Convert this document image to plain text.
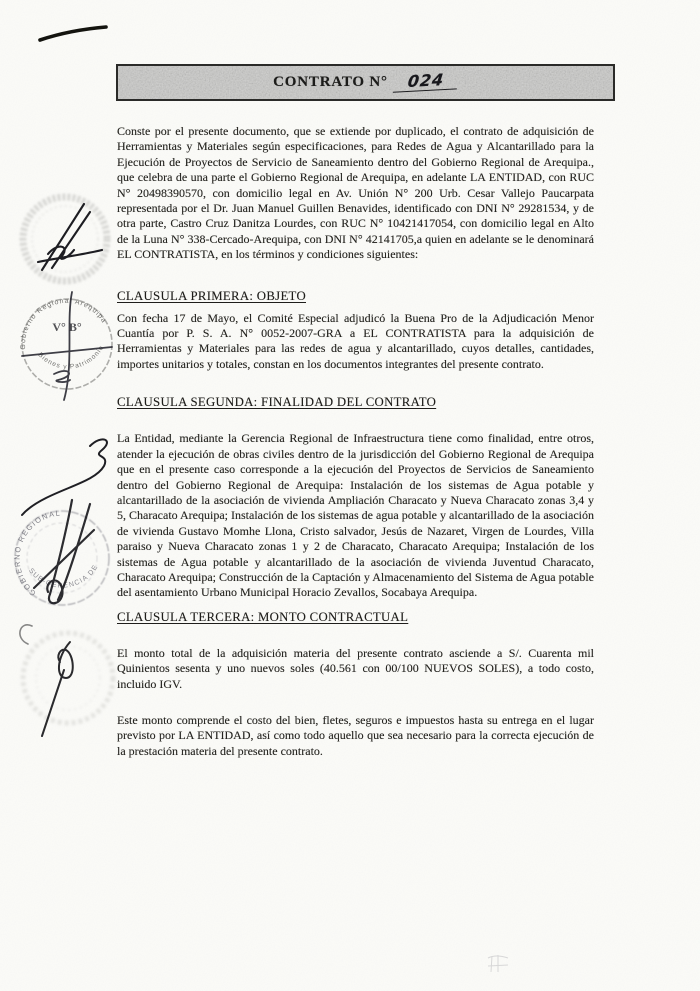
CONTRATO N°	024

Conste por el presente documento, que se extiende por duplicado, el contrato de adquisición de Herramientas y Materiales según especificaciones, para Redes de Agua y Alcantarillado para la Ejecución de Proyectos de Servicio de Saneamiento dentro del Gobierno Regional de Arequipa., que celebra de una parte el Gobierno Regional de Arequipa, en adelante LA ENTIDAD, con RUC N° 20498390570, con domicilio legal en Av. Unión N° 200 Urb. Cesar Vallejo Paucarpata representada por el Dr. Juan Manuel Guillen Benavides, identificado con DNI N° 29281534, y de otra parte, Castro Cruz Danitza Lourdes, con RUC N° 10421417054, con domicilio legal en Alto de la Luna N° 338-Cercado-Arequipa, con DNI N° 42141705,a quien en adelante se le denominará EL CONTRATISTA, en los términos y condiciones siguientes:

CLAUSULA PRIMERA: OBJETO

Con fecha 17 de Mayo, el Comité Especial adjudicó la Buena Pro de la Adjudicación Menor Cuantía por P. S. A. N° 0052-2007-GRA a EL CONTRATISTA para la adquisición de Herramientas y Materiales para las redes de agua y alcantarillado, cuyos detalles, cantidades, importes unitarios y totales, constan en los documentos integrantes del presente contrato.

CLAUSULA SEGUNDA: FINALIDAD DEL CONTRATO

La Entidad, mediante la Gerencia Regional de Infraestructura tiene como finalidad, entre otros, atender la ejecución de obras civiles dentro de la jurisdicción del Gobierno Regional de Arequipa que en el presente caso corresponde a la ejecución del Proyectos de Servicios de Saneamiento dentro del Gobierno Regional de Arequipa: Instalación de los sistemas de Agua potable y alcantarillado de la asociación de vivienda Ampliación Characato y Nueva Characato zonas 3,4 y 5, Characato Arequipa; Instalación de los sistemas de agua potable y alcantarillado de la asociación de vivienda Gustavo Momhe Llona, Cristo salvador, Jesús de Nazaret, Virgen de Lourdes, Villa paraiso y Nueva Characato zonas 1 y 2 de Characato, Characato Arequipa; Instalación de los sistemas de Agua potable y alcantarillado de la asociación de vivienda Juventud Characato, Characato Arequipa; Construcción de la Captación y Almacenamiento del Sistema de Agua potable del asentamiento Urbano Municipal Horacio Zevallos, Socabaya Arequipa.

CLAUSULA TERCERA: MONTO CONTRACTUAL

El monto total de la adquisición materia del presente contrato asciende a S/. Cuarenta mil Quinientos sesenta y uno nuevos soles (40.561 con 00/100 NUEVOS SOLES), a todo costo, incluido IGV.

Este monto comprende el costo del bien, fletes, seguros e impuestos hasta su entrega en el lugar previsto por LA ENTIDAD, así como todo aquello que sea necesario para la correcta ejecución de la prestación materia del presente contrato.

Gobierno Regional Arequipa
Bienes y Patrimonio
V° B°
GOBIERNO REGIONAL
SUB-GERENCIA DE
